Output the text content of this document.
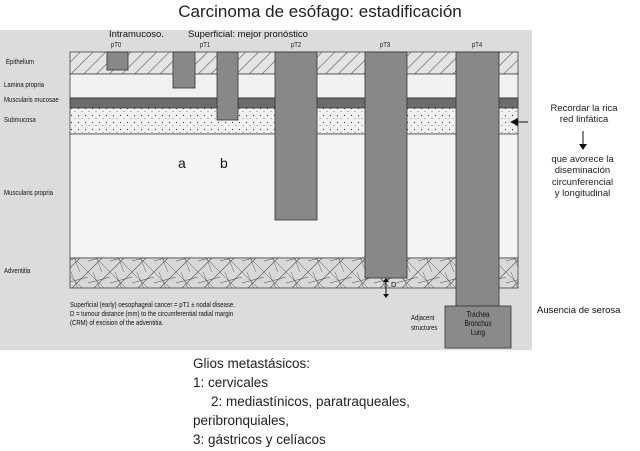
Carcinoma de esófago: estadificación
Epithelium
Lamina propria
Muscularis mucosae
Submucosa
Muscularis propria
Adventitia
pT0	pT1	pT2	pT3	pT4
a b
D
Superficial (early) oesophageal cancer = pT1 ± nodal disease.
D = tumour distance (mm) to the circumferential radial margin
(CRM) of excision of the adventitia.
Adjacent
structures
Trachea
Bronchus
Lung
Intramucoso.	Superficial: mejor pronóstico
Recordar la rica
red linfática
que avorece la
diseminación
circunferencial
y longitudinal
Ausencia de serosa
Glios metastásicos:
1: cervicales
2: mediastínicos, paratraqueales,
peribronquiales,
3: gástricos y celíacos
